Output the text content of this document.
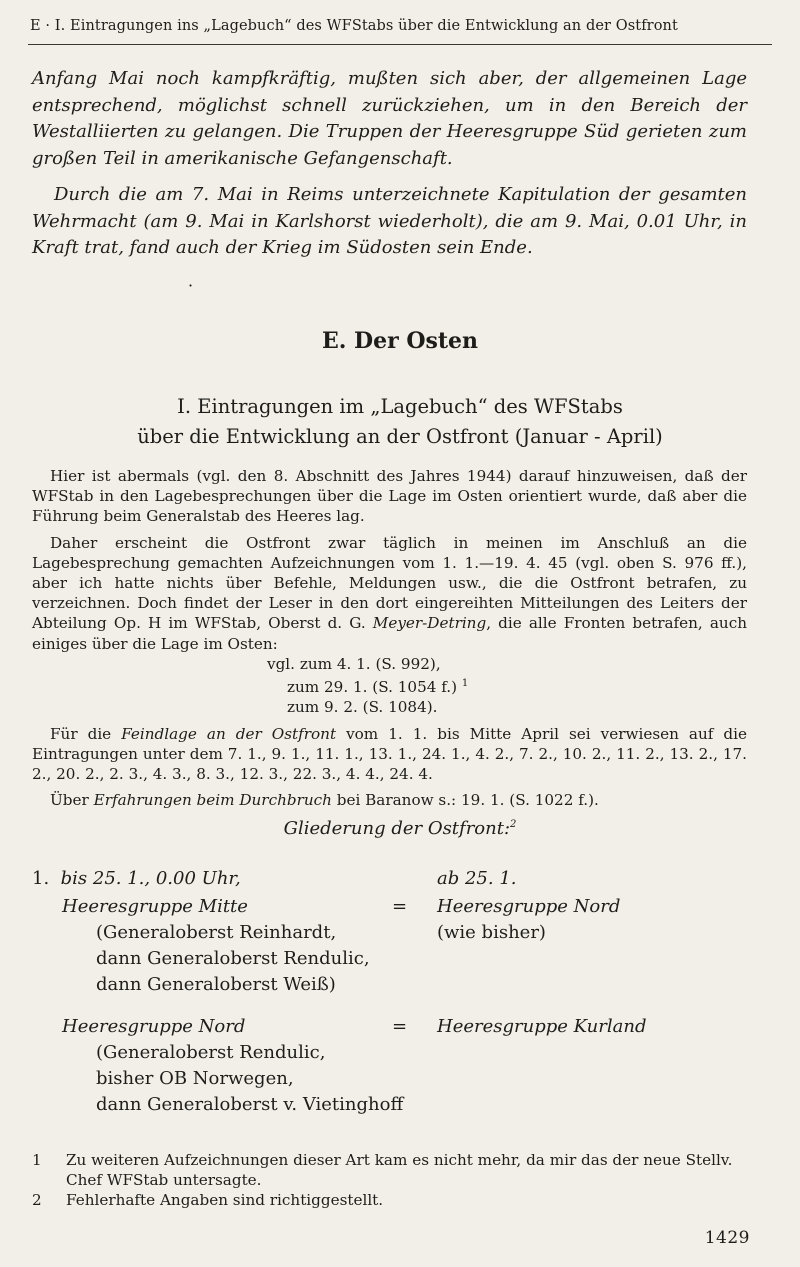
E · I. Eintragungen ins „Lagebuch“ des WFStabs über die Entwicklung an der Ostfront

Anfang Mai noch kampfkräftig, mußten sich aber, der allgemeinen Lage entsprechend, möglichst schnell zurückziehen, um in den Bereich der Westalliierten zu gelangen. Die Truppen der Heeresgruppe Süd gerieten zum großen Teil in amerikanische Gefangenschaft.

Durch die am 7. Mai in Reims unterzeichnete Kapitulation der gesamten Wehrmacht (am 9. Mai in Karlshorst wiederholt), die am 9. Mai, 0.01 Uhr, in Kraft trat, fand auch der Krieg im Südosten sein Ende.

·
E. Der Osten
I. Eintragungen im „Lagebuch“ des WFStabs
über die Entwicklung an der Ostfront (Januar - April)

Hier ist abermals (vgl. den 8. Abschnitt des Jahres 1944) darauf hinzuweisen, daß der WFStab in den Lagebesprechungen über die Lage im Osten orientiert wurde, daß aber die Führung beim Generalstab des Heeres lag.

Daher erscheint die Ostfront zwar täglich in meinen im Anschluß an die Lagebesprechung gemachten Aufzeichnungen vom 1. 1.—19. 4. 45 (vgl. oben S. 976 ff.), aber ich hatte nichts über Befehle, Meldungen usw., die die Ostfront betrafen, zu verzeichnen. Doch findet der Leser in den dort eingereihten Mitteilungen des Leiters der Abteilung Op. H im WFStab, Oberst d. G. Meyer-Detring, die alle Fronten betrafen, auch einiges über die Lage im Osten:

vgl. zum 4. 1. (S. 992),
zum 29. 1. (S. 1054 f.) $^1$
zum 9. 2. (S. 1084).

Für die Feindlage an der Ostfront vom 1. 1. bis Mitte April sei verwiesen auf die Eintragungen unter dem 7. 1., 9. 1., 11. 1., 13. 1., 24. 1., 4. 2., 7. 2., 10. 2., 11. 2., 13. 2., 17. 2., 20. 2., 2. 3., 4. 3., 8. 3., 12. 3., 22. 3., 4. 4., 24. 4.

Über Erfahrungen beim Durchbruch bei Baranow s.: 19. 1. (S. 1022 f.).

Gliederung der Ostfront:$^2$
1. bis 25. 1., 0.00 Uhr,	ab 25. 1.
Heeresgruppe Mitte	= Heeresgruppe Nord
(Generaloberst Reinhardt,	(wie bisher)
dann Generaloberst Rendulic,
dann Generaloberst Weiß)
Heeresgruppe Nord	= Heeresgruppe Kurland
(Generaloberst Rendulic,
bisher OB Norwegen,
dann Generaloberst v. Vietinghoff
1 Zu weiteren Aufzeichnungen dieser Art kam es nicht mehr, da mir das der neue Stellv. Chef WFStab untersagte.
2 Fehlerhafte Angaben sind richtiggestellt.
1429
